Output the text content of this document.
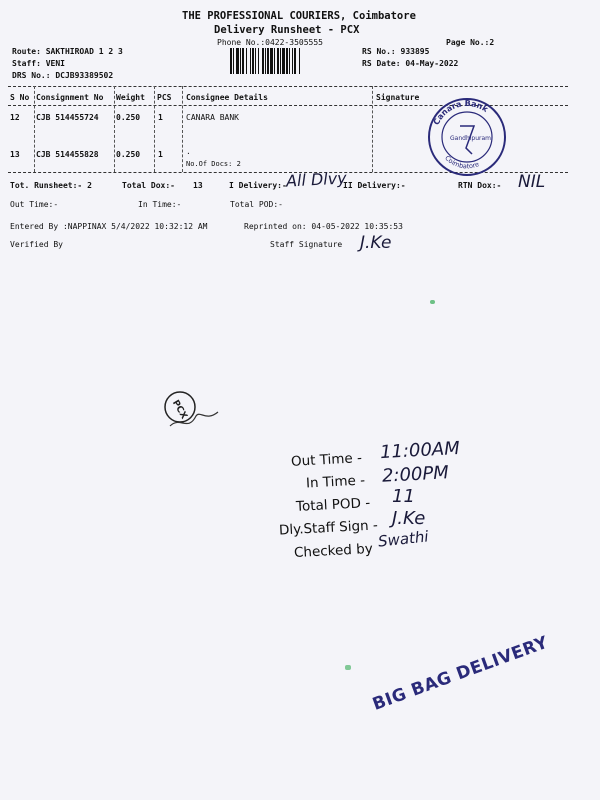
THE PROFESSIONAL COURIERS, Coimbatore
Delivery Runsheet - PCX
Phone No.:0422-3505555	Page No.:2
Route: SAKTHIROAD 1 2 3
Staff: VENI
DRS No.: DCJB93389502
RS No.: 933895
RS Date: 04-May-2022
S No Consignment No Weight PCS Consignee Details	Signature
12 CJB 514455724 0.250 1	CANARA BANK
13 CJB 514455828 0.250 1	.
No.Of Docs: 2
Canara Bank
Gandhipuram
Coimbatore
Tot. Runsheet:- 2	Total Dox:- 13	I Delivery:-	II Delivery:-	RTN Dox:-
All Dlvy	NIL
Out Time:-	In Time:-	Total POD:-
Entered By :NAPPINAX 5/4/2022 10:32:12 AM	Reprinted on: 04-05-2022 10:35:53
Verified By	Staff Signature J.Ke
PCX
Out Time -
In Time -
Total POD -
Dly.Staff Sign -
Checked by
11:00AM
2:00PM
11
J.Ke
Swathi
BIG BAG DELIVERY
